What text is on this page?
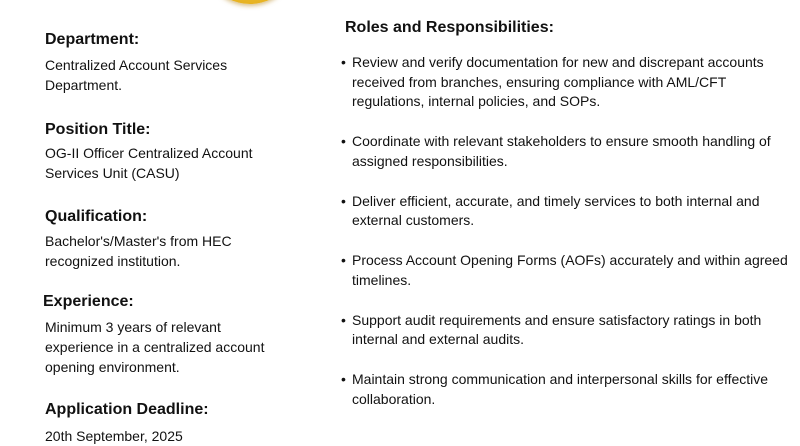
Department:
Centralized Account Services
Department.
Position Title:
OG-II Officer Centralized Account
Services Unit (CASU)
Qualification:
Bachelor's/Master's from HEC
recognized institution.
Experience:
Minimum 3 years of relevant
experience in a centralized account
opening environment.
Application Deadline:
20th September, 2025
Roles and Responsibilities:
• Review and verify documentation for new and discrepant accounts received from branches, ensuring compliance with AML/CFT regulations, internal policies, and SOPs.
• Coordinate with relevant stakeholders to ensure smooth handling of assigned responsibilities.
• Deliver efficient, accurate, and timely services to both internal and external customers.
• Process Account Opening Forms (AOFs) accurately and within agreed timelines.
• Support audit requirements and ensure satisfactory ratings in both internal and external audits.
• Maintain strong communication and interpersonal skills for effective collaboration.
